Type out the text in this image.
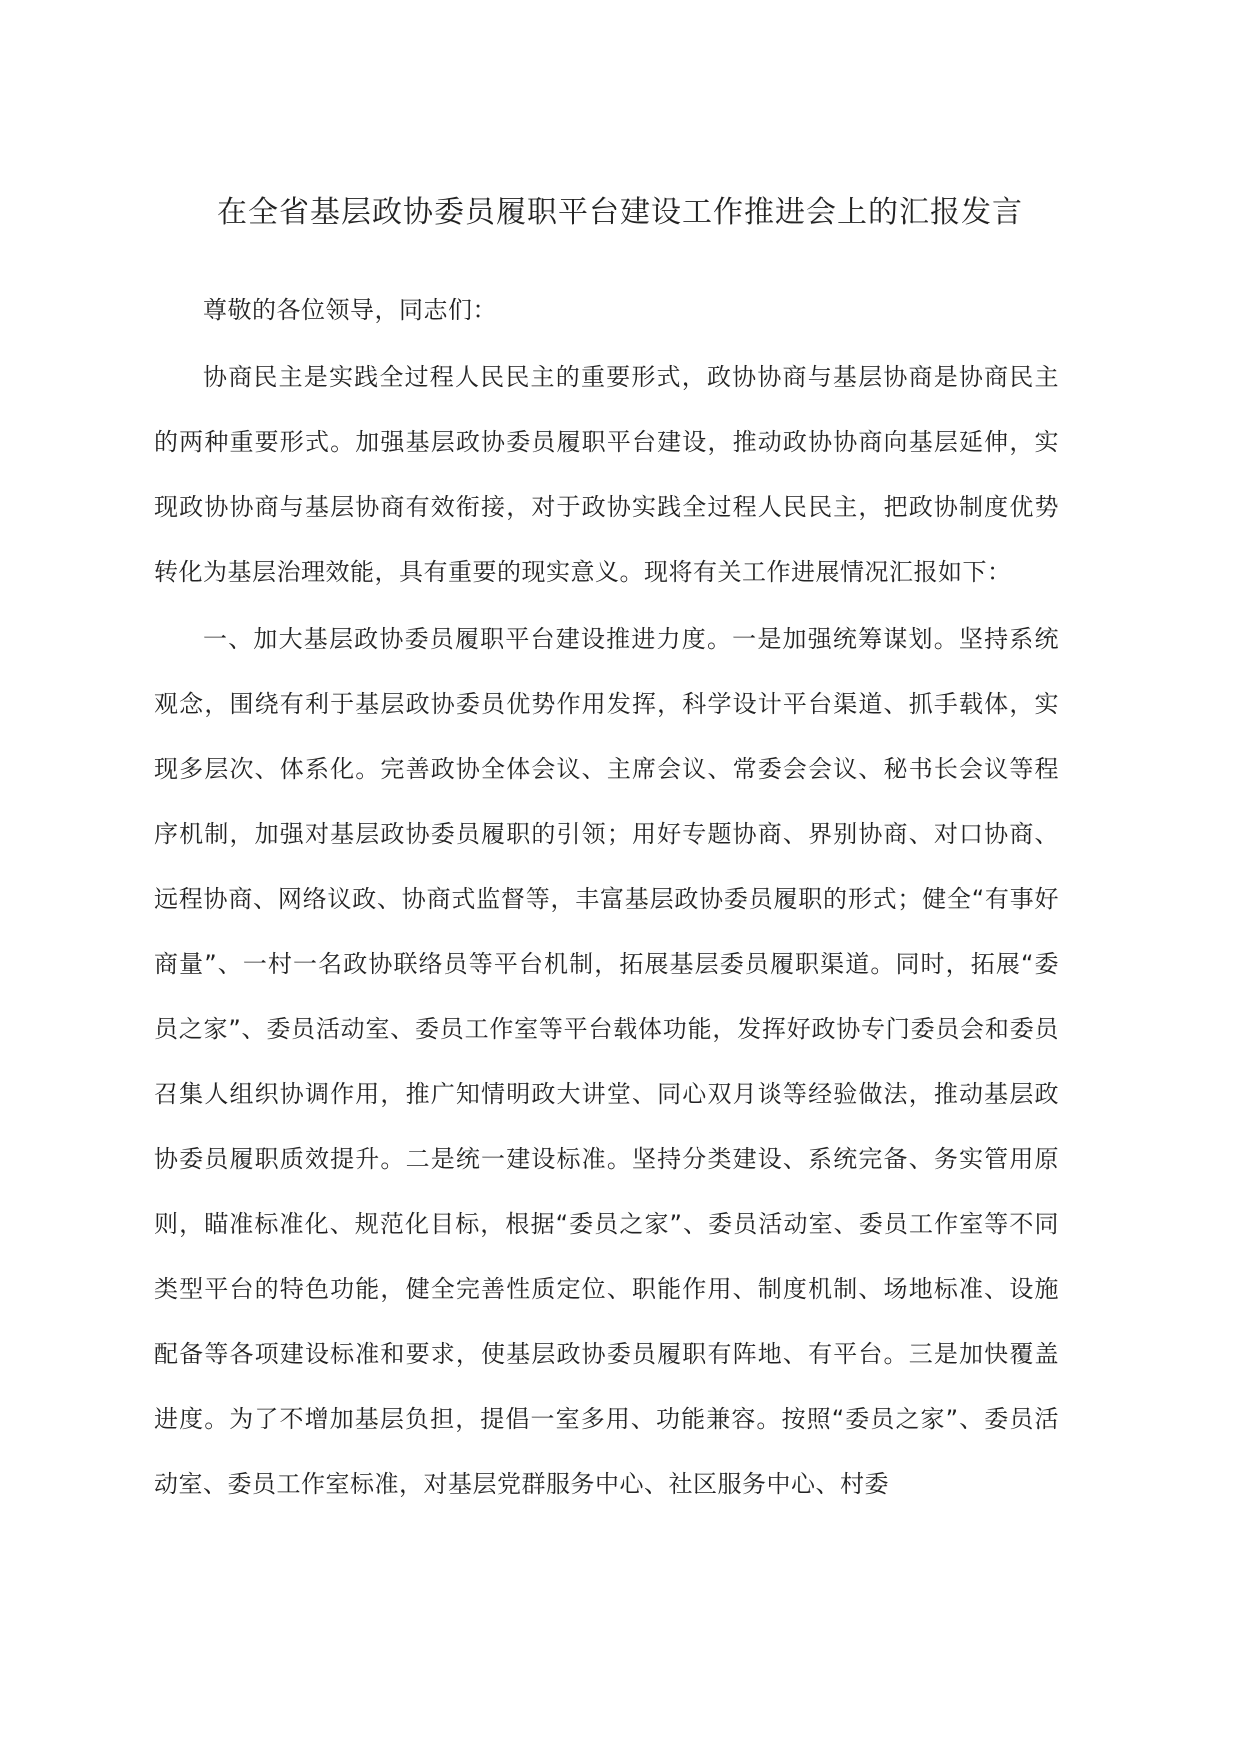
在全省基层政协委员履职平台建设工作推进会上的汇报发言

尊敬的各位领导，同志们：

协商民主是实践全过程人民民主的重要形式，政协协商与基层协商是协商民主的两种重要形式。加强基层政协委员履职平台建设，推动政协协商向基层延伸，实现政协协商与基层协商有效衔接，对于政协实践全过程人民民主，把政协制度优势转化为基层治理效能，具有重要的现实意义。现将有关工作进展情况汇报如下：

一、加大基层政协委员履职平台建设推进力度。一是加强统筹谋划。坚持系统观念，围绕有利于基层政协委员优势作用发挥，科学设计平台渠道、抓手载体，实现多层次、体系化。完善政协全体会议、主席会议、常委会会议、秘书长会议等程序机制，加强对基层政协委员履职的引领；用好专题协商、界别协商、对口协商、远程协商、网络议政、协商式监督等，丰富基层政协委员履职的形式；健全“有事好商量”、一村一名政协联络员等平台机制，拓展基层委员履职渠道。同时，拓展“委员之家”、委员活动室、委员工作室等平台载体功能，发挥好政协专门委员会和委员召集人组织协调作用，推广知情明政大讲堂、同心双月谈等经验做法，推动基层政协委员履职质效提升。二是统一建设标准。坚持分类建设、系统完备、务实管用原则，瞄准标准化、规范化目标，根据“委员之家”、委员活动室、委员工作室等不同类型平台的特色功能，健全完善性质定位、职能作用、制度机制、场地标准、设施配备等各项建设标准和要求，使基层政协委员履职有阵地、有平台。三是加快覆盖进度。为了不增加基层负担，提倡一室多用、功能兼容。按照“委员之家”、委员活动室、委员工作室标准，对基层党群服务中心、社区服务中心、村委
